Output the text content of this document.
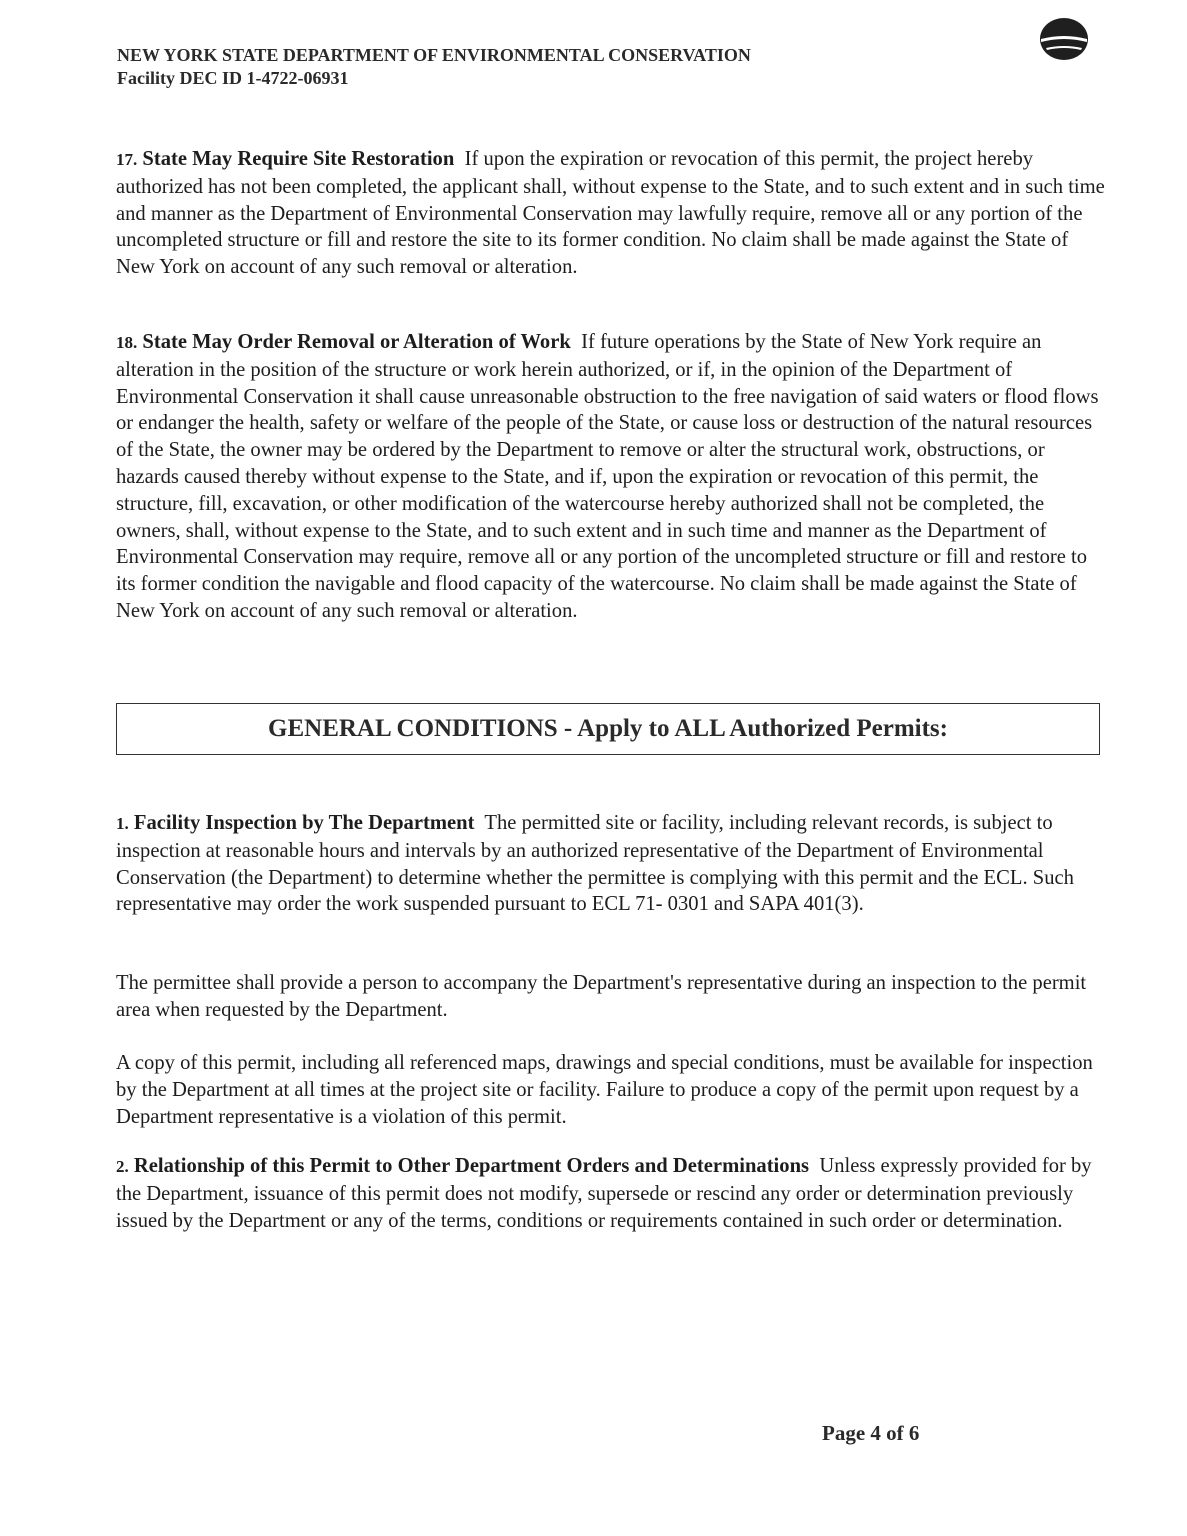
NEW YORK STATE DEPARTMENT OF ENVIRONMENTAL CONSERVATION
Facility DEC ID 1-4722-06931

17. State May Require Site Restoration If upon the expiration or revocation of this permit, the project hereby authorized has not been completed, the applicant shall, without expense to the State, and to such extent and in such time and manner as the Department of Environmental Conservation may lawfully require, remove all or any portion of the uncompleted structure or fill and restore the site to its former condition. No claim shall be made against the State of New York on account of any such removal or alteration.

18. State May Order Removal or Alteration of Work If future operations by the State of New York require an alteration in the position of the structure or work herein authorized, or if, in the opinion of the Department of Environmental Conservation it shall cause unreasonable obstruction to the free navigation of said waters or flood flows or endanger the health, safety or welfare of the people of the State, or cause loss or destruction of the natural resources of the State, the owner may be ordered by the Department to remove or alter the structural work, obstructions, or hazards caused thereby without expense to the State, and if, upon the expiration or revocation of this permit, the structure, fill, excavation, or other modification of the watercourse hereby authorized shall not be completed, the owners, shall, without expense to the State, and to such extent and in such time and manner as the Department of Environmental Conservation may require, remove all or any portion of the uncompleted structure or fill and restore to its former condition the navigable and flood capacity of the watercourse. No claim shall be made against the State of New York on account of any such removal or alteration.

GENERAL CONDITIONS - Apply to ALL Authorized Permits:

1. Facility Inspection by The Department The permitted site or facility, including relevant records, is subject to inspection at reasonable hours and intervals by an authorized representative of the Department of Environmental Conservation (the Department) to determine whether the permittee is complying with this permit and the ECL. Such representative may order the work suspended pursuant to ECL 71- 0301 and SAPA 401(3).

The permittee shall provide a person to accompany the Department's representative during an inspection to the permit area when requested by the Department.

A copy of this permit, including all referenced maps, drawings and special conditions, must be available for inspection by the Department at all times at the project site or facility. Failure to produce a copy of the permit upon request by a Department representative is a violation of this permit.

2. Relationship of this Permit to Other Department Orders and Determinations Unless expressly provided for by the Department, issuance of this permit does not modify, supersede or rescind any order or determination previously issued by the Department or any of the terms, conditions or requirements contained in such order or determination.

Page 4 of 6
